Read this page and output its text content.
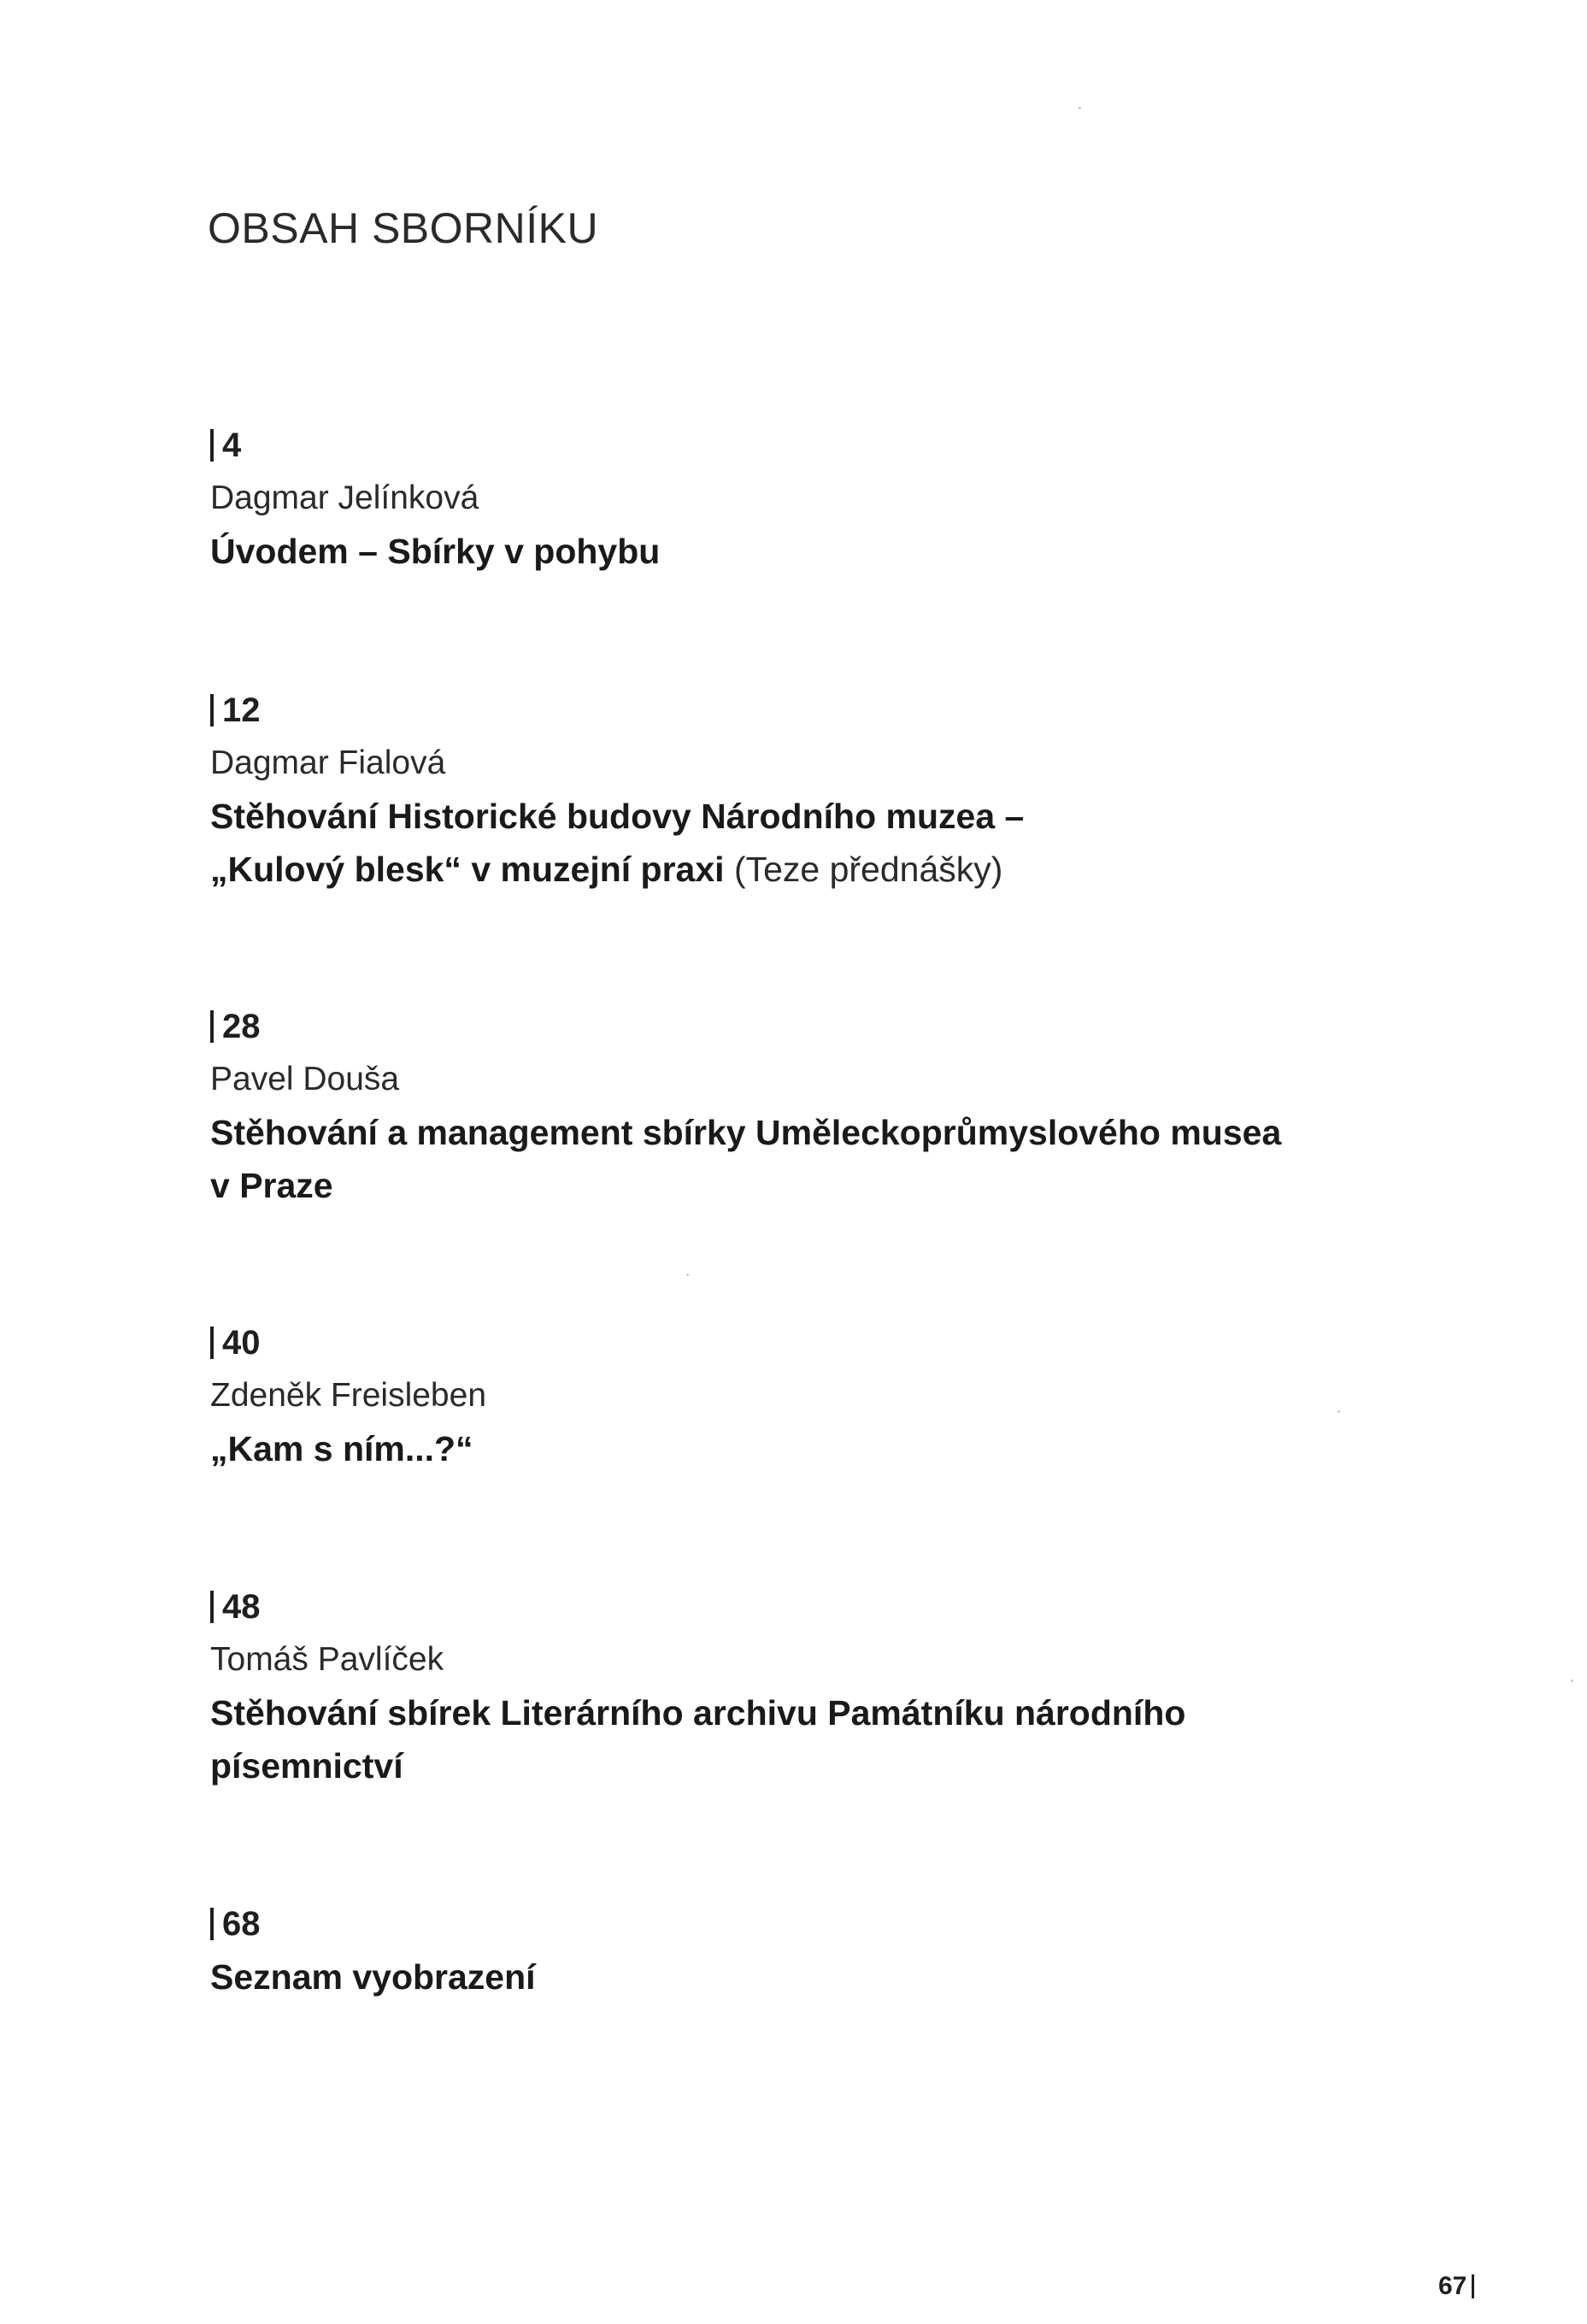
OBSAH SBORNÍKU
4
Dagmar Jelínková
Úvodem – Sbírky v pohybu
12
Dagmar Fialová
Stěhování Historické budovy Národního muzea –
„Kulový blesk“ v muzejní praxi (Teze přednášky)
28
Pavel Douša
Stěhování a management sbírky Uměleckoprůmyslového musea
v Praze
40
Zdeněk Freisleben
„Kam s ním...?“
48
Tomáš Pavlíček
Stěhování sbírek Literárního archivu Památníku národního
písemnictví
68
Seznam vyobrazení
67
